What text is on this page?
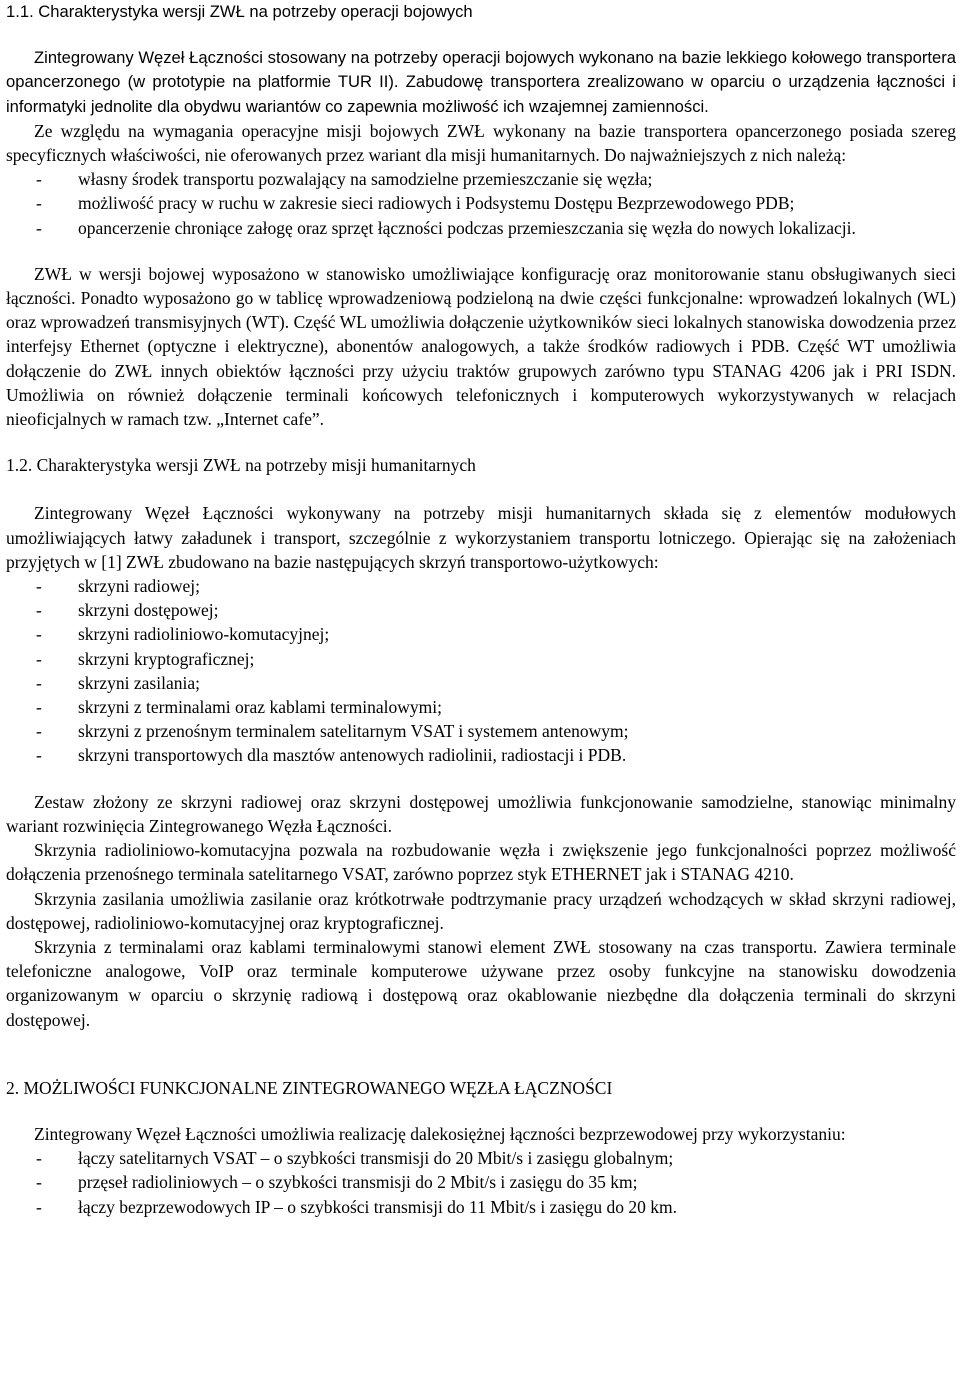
1.1. Charakterystyka wersji ZWŁ na potrzeby operacji bojowych

Zintegrowany Węzeł Łączności stosowany na potrzeby operacji bojowych wykonano na bazie lekkiego kołowego transportera opancerzonego (w prototypie na platformie TUR II). Zabudowę transportera zrealizowano w oparciu o urządzenia łączności i informatyki jednolite dla obydwu wariantów co zapewnia możliwość ich wzajemnej zamienności.

Ze względu na wymagania operacyjne misji bojowych ZWŁ wykonany na bazie transportera opancerzonego posiada szereg specyficznych właściwości, nie oferowanych przez wariant dla misji humanitarnych. Do najważniejszych z nich należą:

- własny środek transportu pozwalający na samodzielne przemieszczanie się węzła;
- możliwość pracy w ruchu w zakresie sieci radiowych i Podsystemu Dostępu Bezprzewodowego PDB;
- opancerzenie chroniące załogę oraz sprzęt łączności podczas przemieszczania się węzła do nowych lokalizacji.

ZWŁ w wersji bojowej wyposażono w stanowisko umożliwiające konfigurację oraz monitorowanie stanu obsługiwanych sieci łączności. Ponadto wyposażono go w tablicę wprowadzeniową podzieloną na dwie części funkcjonalne: wprowadzeń lokalnych (WL) oraz wprowadzeń transmisyjnych (WT). Część WL umożliwia dołączenie użytkowników sieci lokalnych stanowiska dowodzenia przez interfejsy Ethernet (optyczne i elektryczne), abonentów analogowych, a także środków radiowych i PDB. Część WT umożliwia dołączenie do ZWŁ innych obiektów łączności przy użyciu traktów grupowych zarówno typu STANAG 4206 jak i PRI ISDN. Umożliwia on również dołączenie terminali końcowych telefonicznych i komputerowych wykorzystywanych w relacjach nieoficjalnych w ramach tzw. „Internet cafe”.

1.2. Charakterystyka wersji ZWŁ na potrzeby misji humanitarnych

Zintegrowany Węzeł Łączności wykonywany na potrzeby misji humanitarnych składa się z elementów modułowych umożliwiających łatwy załadunek i transport, szczególnie z wykorzystaniem transportu lotniczego. Opierając się na założeniach przyjętych w [1] ZWŁ zbudowano na bazie następujących skrzyń transportowo-użytkowych:

- skrzyni radiowej;
- skrzyni dostępowej;
- skrzyni radioliniowo-komutacyjnej;
- skrzyni kryptograficznej;
- skrzyni zasilania;
- skrzyni z terminalami oraz kablami terminalowymi;
- skrzyni z przenośnym terminalem satelitarnym VSAT i systemem antenowym;
- skrzyni transportowych dla masztów antenowych radiolinii, radiostacji i PDB.

Zestaw złożony ze skrzyni radiowej oraz skrzyni dostępowej umożliwia funkcjonowanie samodzielne, stanowiąc minimalny wariant rozwinięcia Zintegrowanego Węzła Łączności.

Skrzynia radioliniowo-komutacyjna pozwala na rozbudowanie węzła i zwiększenie jego funkcjonalności poprzez możliwość dołączenia przenośnego terminala satelitarnego VSAT, zarówno poprzez styk ETHERNET jak i STANAG 4210.

Skrzynia zasilania umożliwia zasilanie oraz krótkotrwałe podtrzymanie pracy urządzeń wchodzących w skład skrzyni radiowej, dostępowej, radioliniowo-komutacyjnej oraz kryptograficznej.

Skrzynia z terminalami oraz kablami terminalowymi stanowi element ZWŁ stosowany na czas transportu. Zawiera terminale telefoniczne analogowe, VoIP oraz terminale komputerowe używane przez osoby funkcyjne na stanowisku dowodzenia organizowanym w oparciu o skrzynię radiową i dostępową oraz okablowanie niezbędne dla dołączenia terminali do skrzyni dostępowej.

2. MOŻLIWOŚCI FUNKCJONALNE ZINTEGROWANEGO WĘZŁA ŁĄCZNOŚCI

Zintegrowany Węzeł Łączności umożliwia realizację dalekosiężnej łączności bezprzewodowej przy wykorzystaniu:

- łączy satelitarnych VSAT – o szybkości transmisji do 20 Mbit/s i zasięgu globalnym;
- przęseł radioliniowych – o szybkości transmisji do 2 Mbit/s i zasięgu do 35 km;
- łączy bezprzewodowych IP – o szybkości transmisji do 11 Mbit/s i zasięgu do 20 km.
